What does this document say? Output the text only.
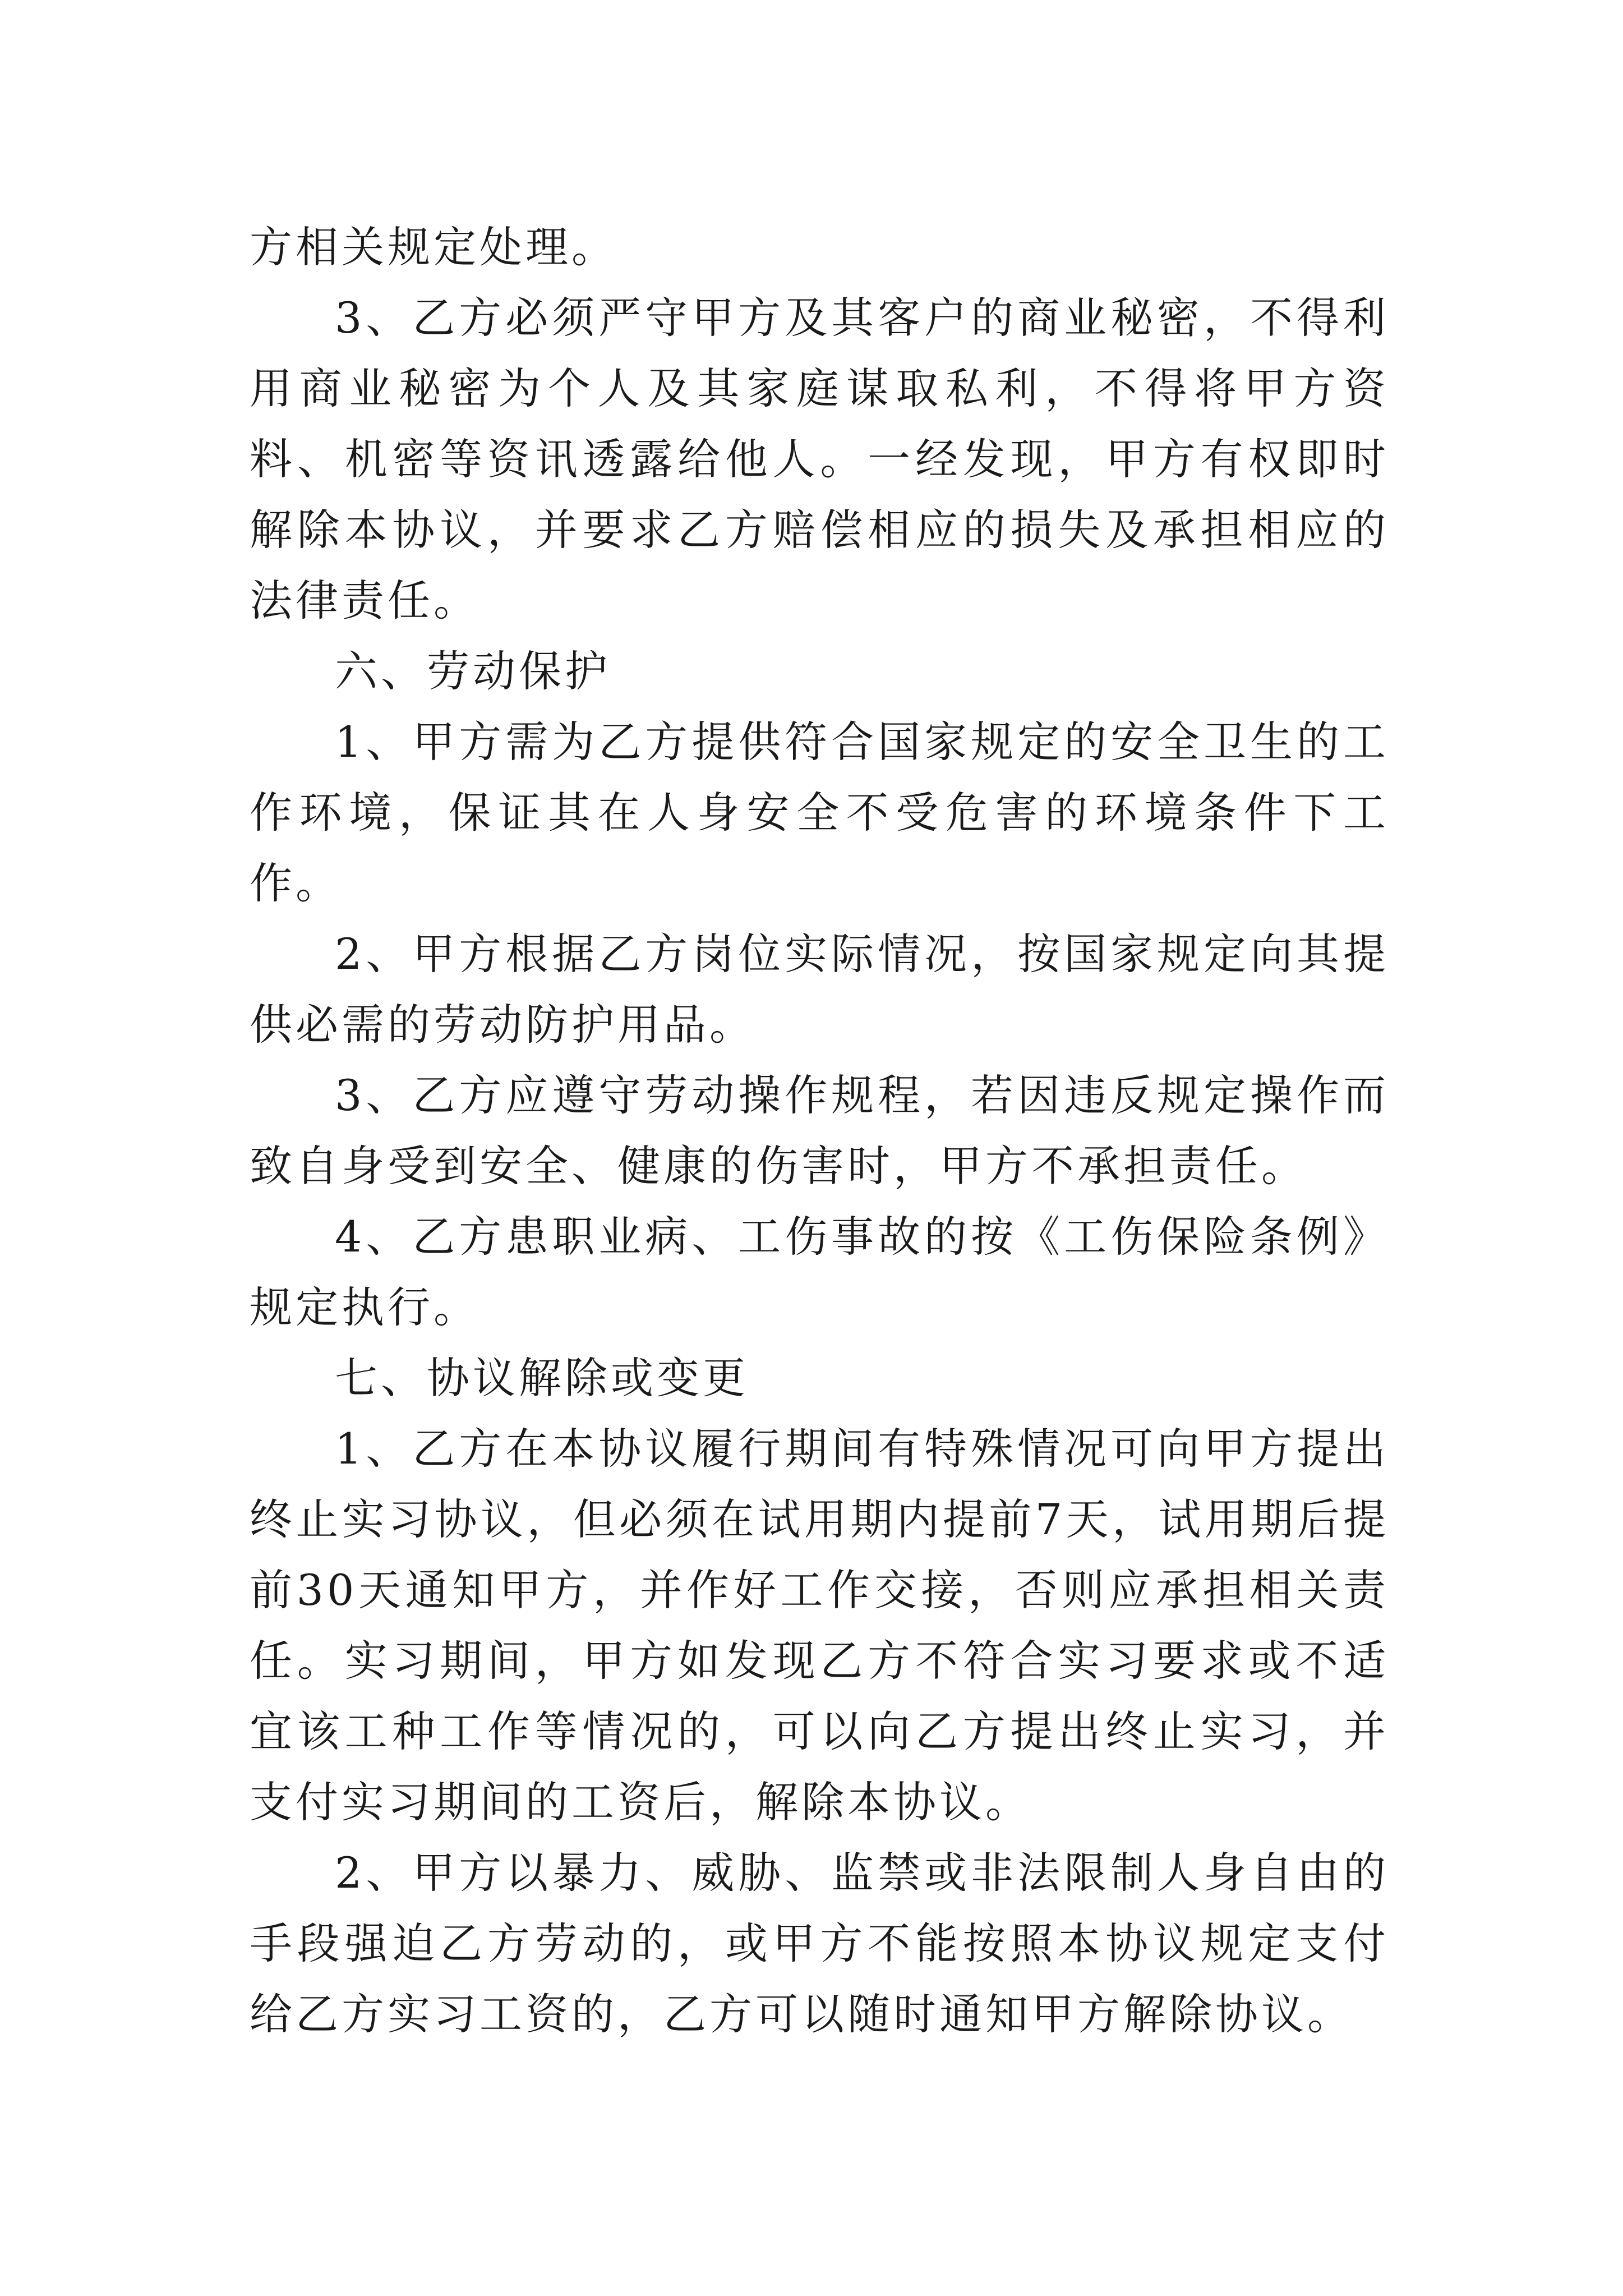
方相关规定处理。

3、乙方必须严守甲方及其客户的商业秘密，不得利用商业秘密为个人及其家庭谋取私利，不得将甲方资料、机密等资讯透露给他人。一经发现，甲方有权即时解除本协议，并要求乙方赔偿相应的损失及承担相应的法律责任。

六、劳动保护

1、甲方需为乙方提供符合国家规定的安全卫生的工作环境，保证其在人身安全不受危害的环境条件下工作。

2、甲方根据乙方岗位实际情况，按国家规定向其提供必需的劳动防护用品。

3、乙方应遵守劳动操作规程，若因违反规定操作而致自身受到安全、健康的伤害时，甲方不承担责任。

4、乙方患职业病、工伤事故的按《工伤保险条例》规定执行。

七、协议解除或变更

1、乙方在本协议履行期间有特殊情况可向甲方提出终止实习协议，但必须在试用期内提前7天，试用期后提前30天通知甲方，并作好工作交接，否则应承担相关责任。实习期间，甲方如发现乙方不符合实习要求或不适宜该工种工作等情况的，可以向乙方提出终止实习，并支付实习期间的工资后，解除本协议。

2、甲方以暴力、威胁、监禁或非法限制人身自由的手段强迫乙方劳动的，或甲方不能按照本协议规定支付给乙方实习工资的，乙方可以随时通知甲方解除协议。
